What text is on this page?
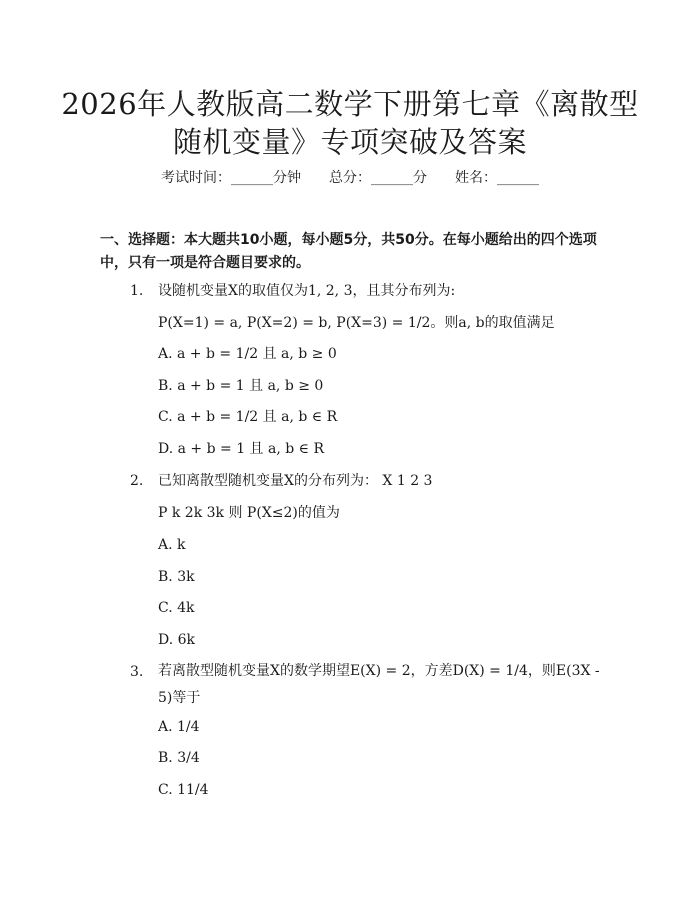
2026年人教版高二数学下册第七章《离散型
随机变量》专项突破及答案
考试时间：______分钟 总分：______分 姓名：______
一、选择题：本大题共10小题，每小题5分，共50分。在每小题给出的四个选项中，只有一项是符合题目要求的。
1. 设随机变量X的取值仅为1, 2, 3，且其分布列为:
P(X=1) = a, P(X=2) = b, P(X=3) = 1/2。则a, b的取值满足
A. a + b = 1/2 且 a, b ≥ 0
B. a + b = 1 且 a, b ≥ 0
C. a + b = 1/2 且 a, b ∈ R
D. a + b = 1 且 a, b ∈ R
2. 已知离散型随机变量X的分布列为： X 1 2 3
P k 2k 3k 则 P(X≤2)的值为
A. k
B. 3k
C. 4k
D. 6k
3. 若离散型随机变量X的数学期望E(X) = 2，方差D(X) = 1/4，则E(3X - 5)等于
A. 1/4
B. 3/4
C. 11/4
